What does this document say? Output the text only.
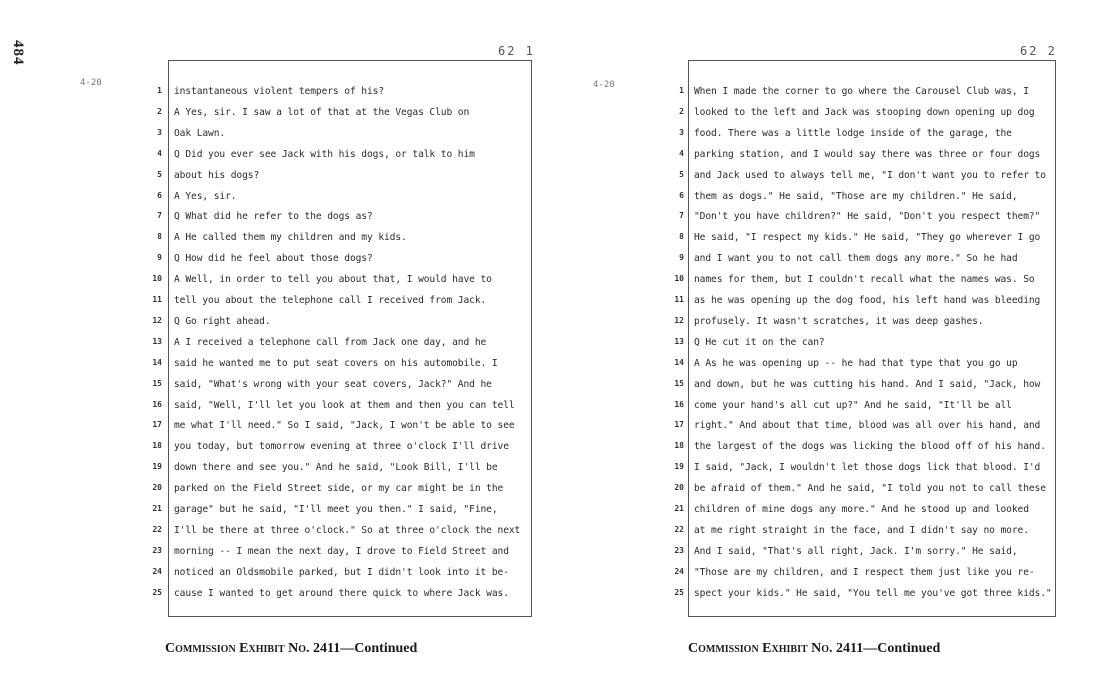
484
4-20
62 1
1 instantaneous violent tempers of his?
2 A Yes, sir. I saw a lot of that at the Vegas Club on
3 Oak Lawn.
4 Q Did you ever see Jack with his dogs, or talk to him
5 about his dogs?
6 A Yes, sir.
7 Q What did he refer to the dogs as?
8 A He called them my children and my kids.
9 Q How did he feel about those dogs?
10 A Well, in order to tell you about that, I would have to
11 tell you about the telephone call I received from Jack.
12 Q Go right ahead.
13 A I received a telephone call from Jack one day, and he
14 said he wanted me to put seat covers on his automobile. I
15 said, "What's wrong with your seat covers, Jack?" And he
16 said, "Well, I'll let you look at them and then you can tell
17 me what I'll need." So I said, "Jack, I won't be able to see
18 you today, but tomorrow evening at three o'clock I'll drive
19 down there and see you." And he said, "Look Bill, I'll be
20 parked on the Field Street side, or my car might be in the
21 garage" but he said, "I'll meet you then." I said, "Fine,
22 I'll be there at three o'clock." So at three o'clock the next
23 morning -- I mean the next day, I drove to Field Street and
24 noticed an Oldsmobile parked, but I didn't look into it be-
25 cause I wanted to get around there quick to where Jack was.
Commission Exhibit No. 2411—Continued
4-20
62 2
1 When I made the corner to go where the Carousel Club was, I
2 looked to the left and Jack was stooping down opening up dog
3 food. There was a little lodge inside of the garage, the
4 parking station, and I would say there was three or four dogs
5 and Jack used to always tell me, "I don't want you to refer to
6 them as dogs." He said, "Those are my children." He said,
7 "Don't you have children?" He said, "Don't you respect them?"
8 He said, "I respect my kids." He said, "They go wherever I go
9 and I want you to not call them dogs any more." So he had
10 names for them, but I couldn't recall what the names was. So
11 as he was opening up the dog food, his left hand was bleeding
12 profusely. It wasn't scratches, it was deep gashes.
13 Q He cut it on the can?
14 A As he was opening up -- he had that type that you go up
15 and down, but he was cutting his hand. And I said, "Jack, how
16 come your hand's all cut up?" And he said, "It'll be all
17 right." And about that time, blood was all over his hand, and
18 the largest of the dogs was licking the blood off of his hand.
19 I said, "Jack, I wouldn't let those dogs lick that blood. I'd
20 be afraid of them." And he said, "I told you not to call these
21 children of mine dogs any more." And he stood up and looked
22 at me right straight in the face, and I didn't say no more.
23 And I said, "That's all right, Jack. I'm sorry." He said,
24 "Those are my children, and I respect them just like you re-
25 spect your kids." He said, "You tell me you've got three kids."
Commission Exhibit No. 2411—Continued
